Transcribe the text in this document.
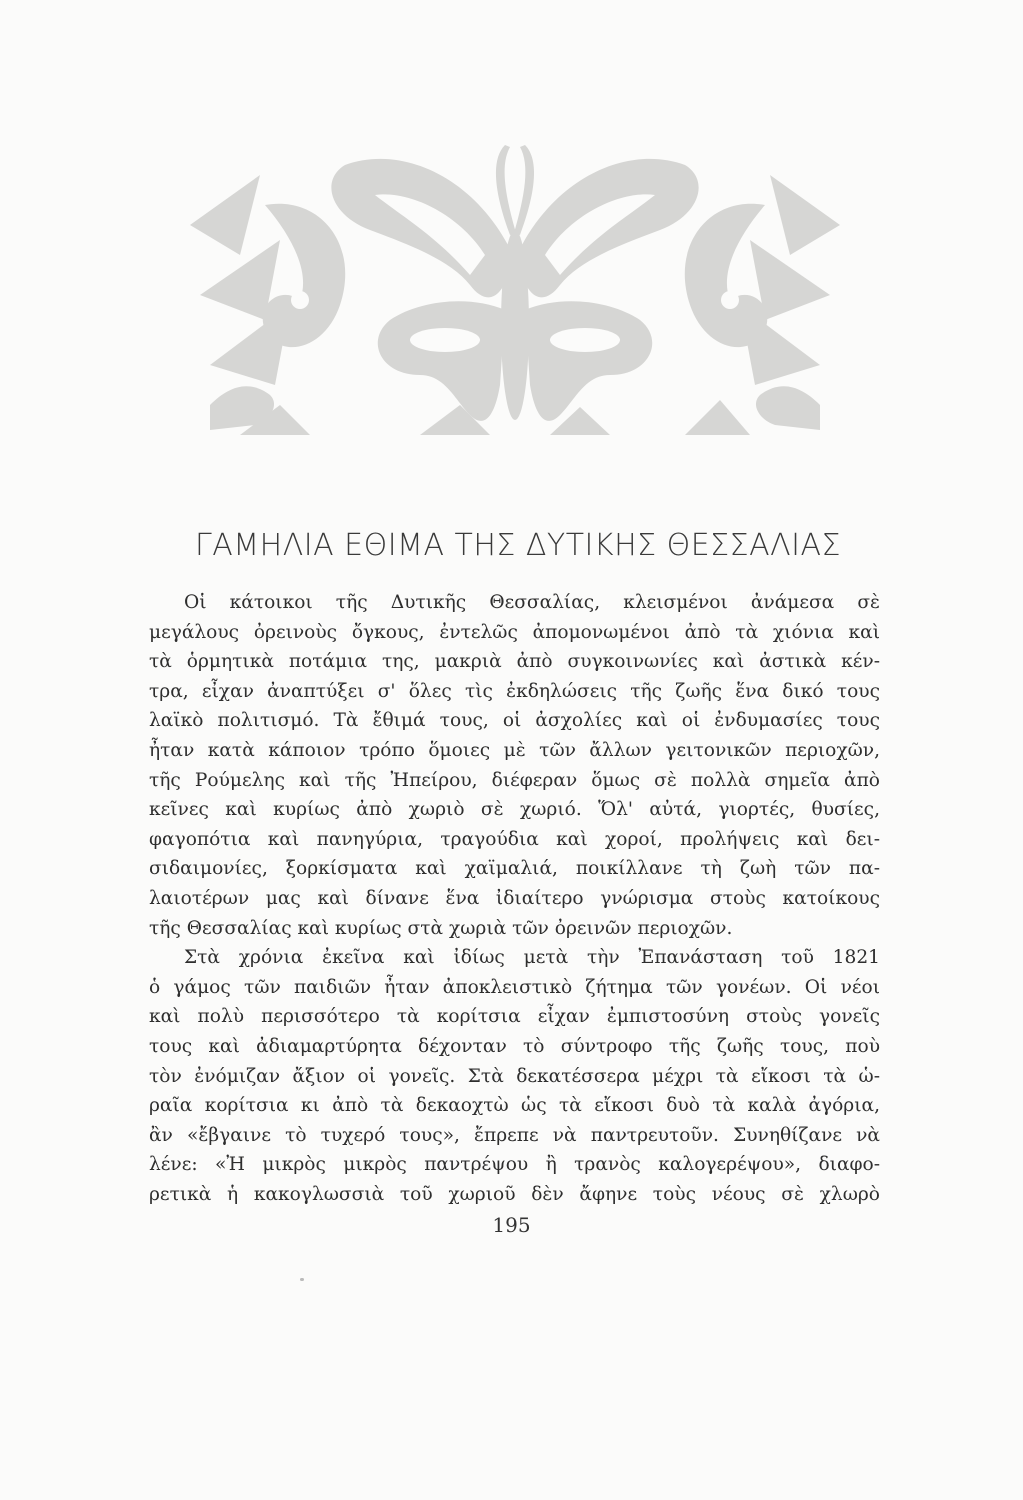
ΓΑΜΗΛΙΑ ΕΘΙΜΑ ΤΗΣ ΔΥΤΙΚΗΣ ΘΕΣΣΑΛΙΑΣ
Οἱ κάτοικοι τῆς Δυτικῆς Θεσσαλίας, κλεισμένοι ἀνάμεσα σὲ
μεγάλους ὀρεινοὺς ὄγκους, ἐντελῶς ἀπομονωμένοι ἀπὸ τὰ χιόνια καὶ
τὰ ὁρμητικὰ ποτάμια της, μακριὰ ἀπὸ συγκοινωνίες καὶ ἀστικὰ κέν-
τρα, εἶχαν ἀναπτύξει σ' ὅλες τὶς ἐκδηλώσεις τῆς ζωῆς ἕνα δικό τους
λαϊκὸ πολιτισμό. Τὰ ἔθιμά τους, οἱ ἀσχολίες καὶ οἱ ἐνδυμασίες τους
ἦταν κατὰ κάποιον τρόπο ὅμοιες μὲ τῶν ἄλλων γειτονικῶν περιοχῶν,
τῆς Ρούμελης καὶ τῆς Ἠπείρου, διέφεραν ὅμως σὲ πολλὰ σημεῖα ἀπὸ
κεῖνες καὶ κυρίως ἀπὸ χωριὸ σὲ χωριό. Ὅλ' αὐτά, γιορτές, θυσίες,
φαγοπότια καὶ πανηγύρια, τραγούδια καὶ χοροί, προλήψεις καὶ δει-
σιδαιμονίες, ξορκίσματα καὶ χαϊμαλιά, ποικίλλανε τὴ ζωὴ τῶν πα-
λαιοτέρων μας καὶ δίνανε ἕνα ἰδιαίτερο γνώρισμα στοὺς κατοίκους
τῆς Θεσσαλίας καὶ κυρίως στὰ χωριὰ τῶν ὀρεινῶν περιοχῶν.
Στὰ χρόνια ἐκεῖνα καὶ ἰδίως μετὰ τὴν Ἐπανάσταση τοῦ 1821
ὁ γάμος τῶν παιδιῶν ἦταν ἀποκλειστικὸ ζήτημα τῶν γονέων. Οἱ νέοι
καὶ πολὺ περισσότερο τὰ κορίτσια εἶχαν ἐμπιστοσύνη στοὺς γονεῖς
τους καὶ ἀδιαμαρτύρητα δέχονταν τὸ σύντροφο τῆς ζωῆς τους, ποὺ
τὸν ἐνόμιζαν ἄξιον οἱ γονεῖς. Στὰ δεκατέσσερα μέχρι τὰ εἴκοσι τὰ ὡ-
ραῖα κορίτσια κι ἀπὸ τὰ δεκαοχτὼ ὡς τὰ εἴκοσι δυὸ τὰ καλὰ ἀγόρια,
ἂν «ἔβγαινε τὸ τυχερό τους», ἔπρεπε νὰ παντρευτοῦν. Συνηθίζανε νὰ
λένε: «Ἠ μικρὸς μικρὸς παντρέψου ἢ τρανὸς καλογερέψου», διαφο-
ρετικὰ ἡ κακογλωσσιὰ τοῦ χωριοῦ δὲν ἄφηνε τοὺς νέους σὲ χλωρὸ
195
